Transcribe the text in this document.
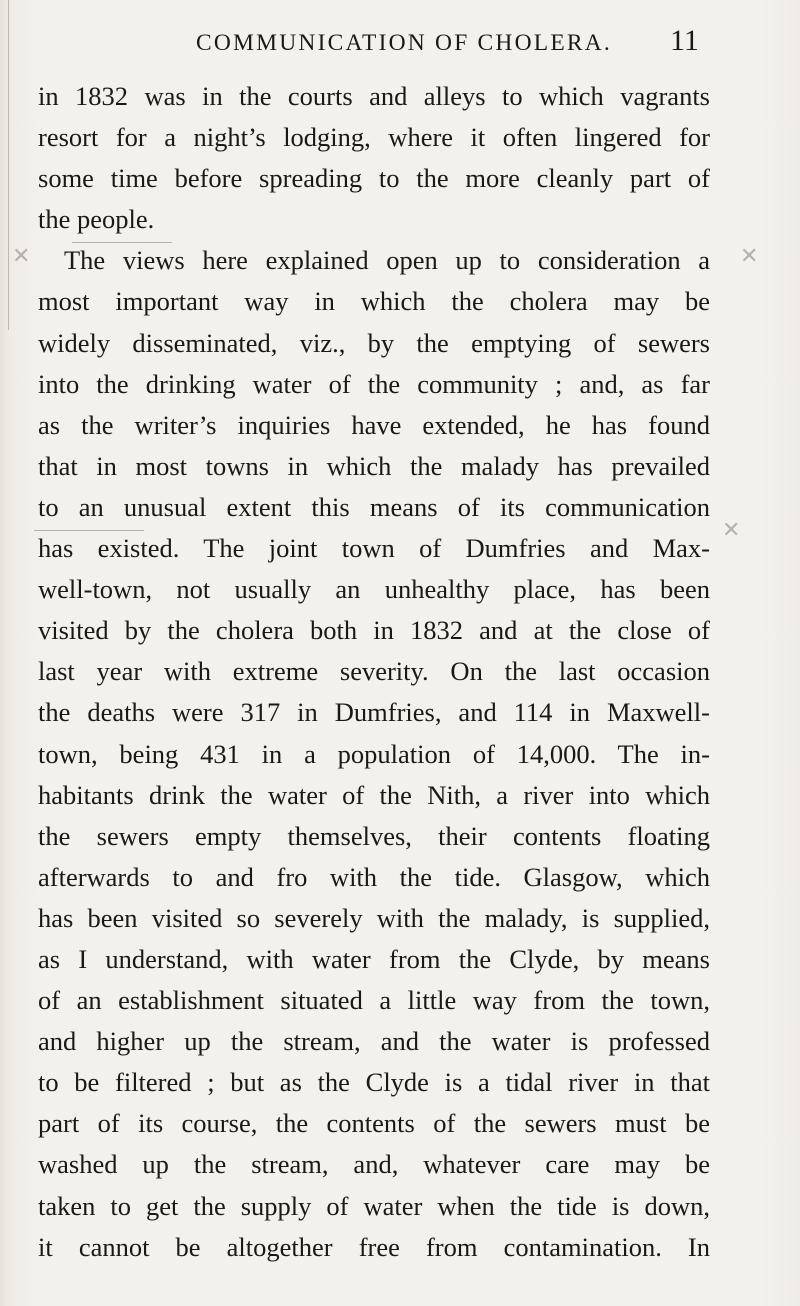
COMMUNICATION OF CHOLERA. 11
✕	✕
✕
in 1832 was in the courts and alleys to which vagrants
resort for a night’s lodging, where it often lingered for
some time before spreading to the more cleanly part of
the people.
The views here explained open up to consideration a
most important way in which the cholera may be
widely disseminated, viz., by the emptying of sewers
into the drinking water of the community ; and, as far
as the writer’s inquiries have extended, he has found
that in most towns in which the malady has prevailed
to an unusual extent this means of its communication
has existed. The joint town of Dumfries and Max-
well-town, not usually an unhealthy place, has been
visited by the cholera both in 1832 and at the close of
last year with extreme severity. On the last occasion
the deaths were 317 in Dumfries, and 114 in Maxwell-
town, being 431 in a population of 14,000. The in-
habitants drink the water of the Nith, a river into which
the sewers empty themselves, their contents floating
afterwards to and fro with the tide. Glasgow, which
has been visited so severely with the malady, is supplied,
as I understand, with water from the Clyde, by means
of an establishment situated a little way from the town,
and higher up the stream, and the water is professed
to be filtered ; but as the Clyde is a tidal river in that
part of its course, the contents of the sewers must be
washed up the stream, and, whatever care may be
taken to get the supply of water when the tide is down,
it cannot be altogether free from contamination. In
